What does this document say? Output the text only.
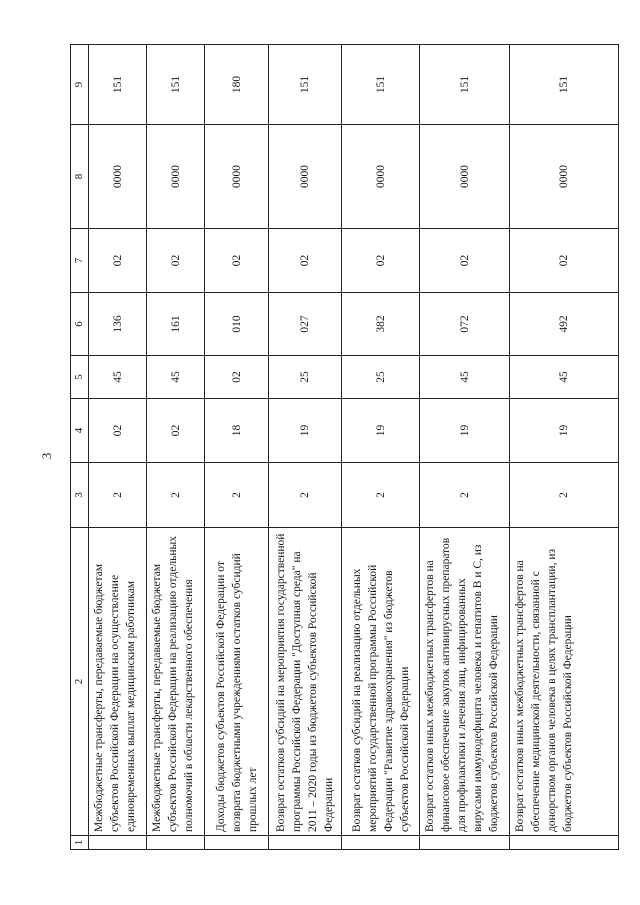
3
1	2	3	4	5	6	7	8	9
	Межбюджетные трансферты, передаваемые бюджетам субъектов Российской Федерации на осуществление единовременных выплат медицинским работникам	2	02	45	136	02	0000	151
	Межбюджетные трансферты, передаваемые бюджетам субъектов Российской Федерации на реализацию отдельных полномочий в области лекарственного обеспечения	2	02	45	161	02	0000	151
	Доходы бюджетов субъектов Российской Федерации от возврата бюджетными учреждениями остатков субсидий прошлых лет	2	18	02	010	02	0000	180
	Возврат остатков субсидий на мероприятия государственной программы Российской Федерации "Доступная среда" на 2011 – 2020 годы из бюджетов субъектов Российской Федерации	2	19	25	027	02	0000	151
	Возврат остатков субсидий на реализацию отдельных мероприятий государственной программы Российской Федерации "Развитие здравоохранения" из бюджетов субъектов Российской Федерации	2	19	25	382	02	0000	151
	Возврат остатков иных межбюджетных трансфертов на финансовое обеспечение закупок антивирусных препаратов для профилактики и лечения лиц, инфицированных вирусами иммунодефицита человека и гепатитов В и С, из бюджетов субъектов Российской Федерации	2	19	45	072	02	0000	151
	Возврат остатков иных межбюджетных трансфертов на обеспечение медицинской деятельности, связанной с донорством органов человека в целях трансплантации, из бюджетов субъектов Российской Федерации	2	19	45	492	02	0000	151
